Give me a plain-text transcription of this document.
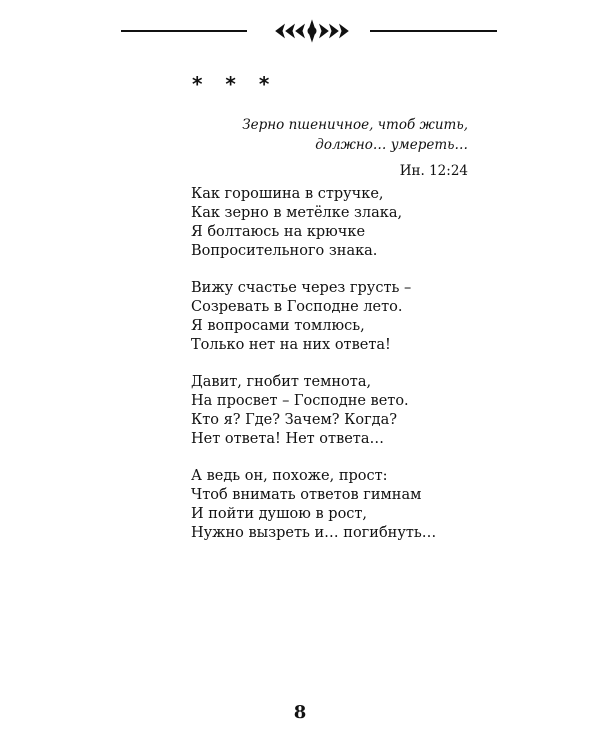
* * *
Зерно пшеничное, чтоб жить,
должно… умереть…
Ин. 12:24
Как горошина в стручке,
Как зерно в метёлке злака,
Я болтаюсь на крючке
Вопросительного знака.
Вижу счастье через грусть –
Созревать в Господне лето.
Я вопросами томлюсь,
Только нет на них ответа!
Давит, гнобит темнота,
На просвет – Господне вето.
Кто я? Где? Зачем? Когда?
Нет ответа! Нет ответа…
А ведь он, похоже, прост:
Чтоб внимать ответов гимнам
И пойти душою в рост,
Нужно вызреть и… погибнуть…
8
